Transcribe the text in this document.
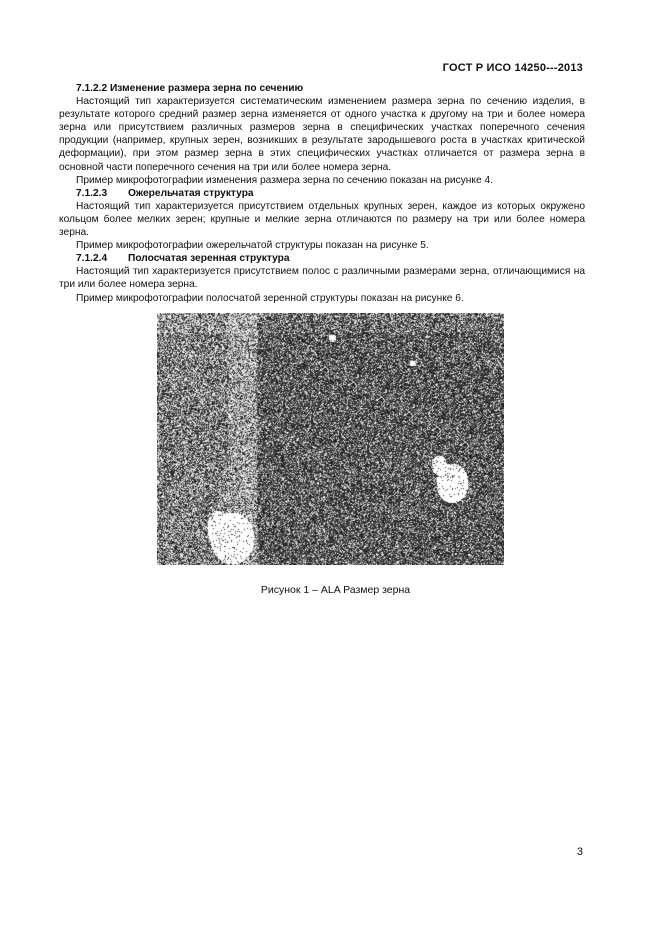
ГОСТ Р ИСО 14250---2013

7.1.2.2 Изменение размера зерна по сечению

Настоящий тип характеризуется систематическим изменением размера зерна по сечению изделия, в результате которого средний размер зерна изменяется от одного участка к другому на три и более номера зерна или присутствием различных размеров зерна в специфических участках поперечного сечения продукции (например, крупных зерен, возникших в результате зародышевого роста в участках критической деформации), при этом размер зерна в этих специфических участках отличается от размера зерна в основной части поперечного сечения на три или более номера зерна.

Пример микрофотографии изменения размера зерна по сечению показан на рисунке 4.

7.1.2.3 Ожерельчатая структура

Настоящий тип характеризуется присутствием отдельных крупных зерен, каждое из которых окружено кольцом более мелких зерен; крупные и мелкие зерна отличаются по размеру на три или более номера зерна.

Пример микрофотографии ожерельчатой структуры показан на рисунке 5.

7.1.2.4 Полосчатая зеренная структура

Настоящий тип характеризуется присутствием полос с различными размерами зерна, отличающимися на три или более номера зерна.

Пример микрофотографии полосчатой зеренной структуры показан на рисунке 6.

Рисунок 1 – ALA Размер зерна
3
